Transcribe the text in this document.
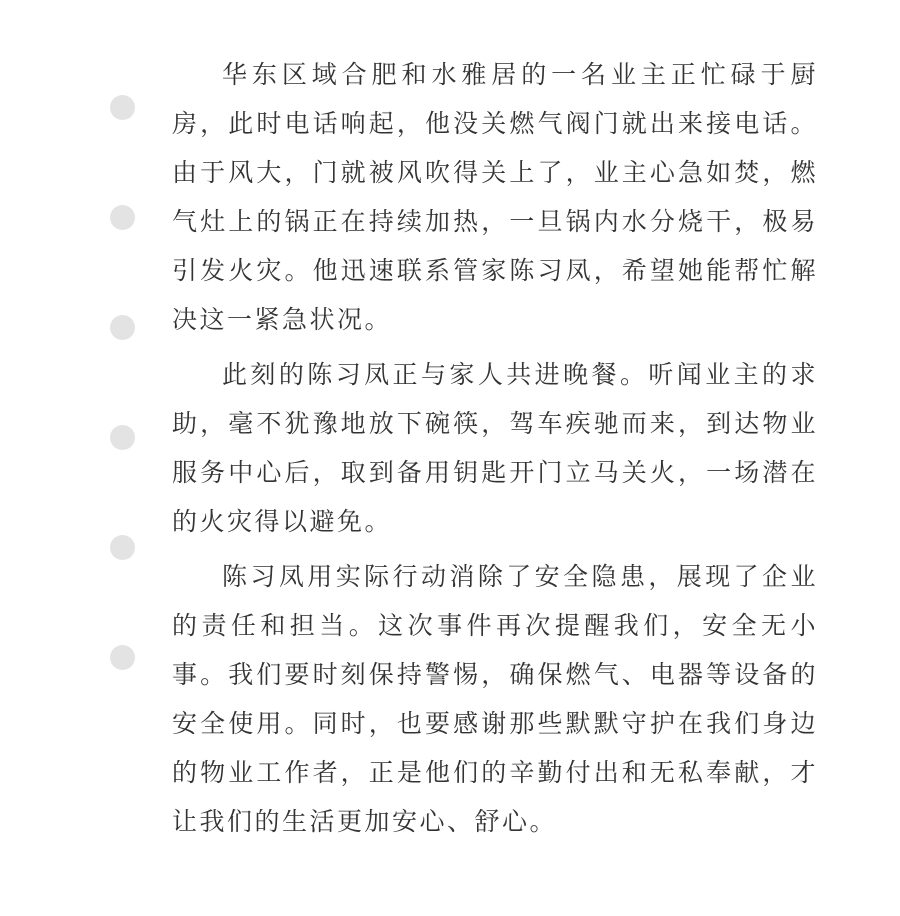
华东区域合肥和水雅居的一名业主正忙碌于厨房，此时电话响起，他没关燃气阀门就出来接电话。由于风大，门就被风吹得关上了，业主心急如焚，燃气灶上的锅正在持续加热，一旦锅内水分烧干，极易引发火灾。他迅速联系管家陈习凤，希望她能帮忙解决这一紧急状况。

此刻的陈习凤正与家人共进晚餐。听闻业主的求助，毫不犹豫地放下碗筷，驾车疾驰而来，到达物业服务中心后，取到备用钥匙开门立马关火，一场潜在的火灾得以避免。

陈习凤用实际行动消除了安全隐患，展现了企业的责任和担当。这次事件再次提醒我们，安全无小事。我们要时刻保持警惕，确保燃气、电器等设备的安全使用。同时，也要感谢那些默默守护在我们身边的物业工作者，正是他们的辛勤付出和无私奉献，才让我们的生活更加安心、舒心。
